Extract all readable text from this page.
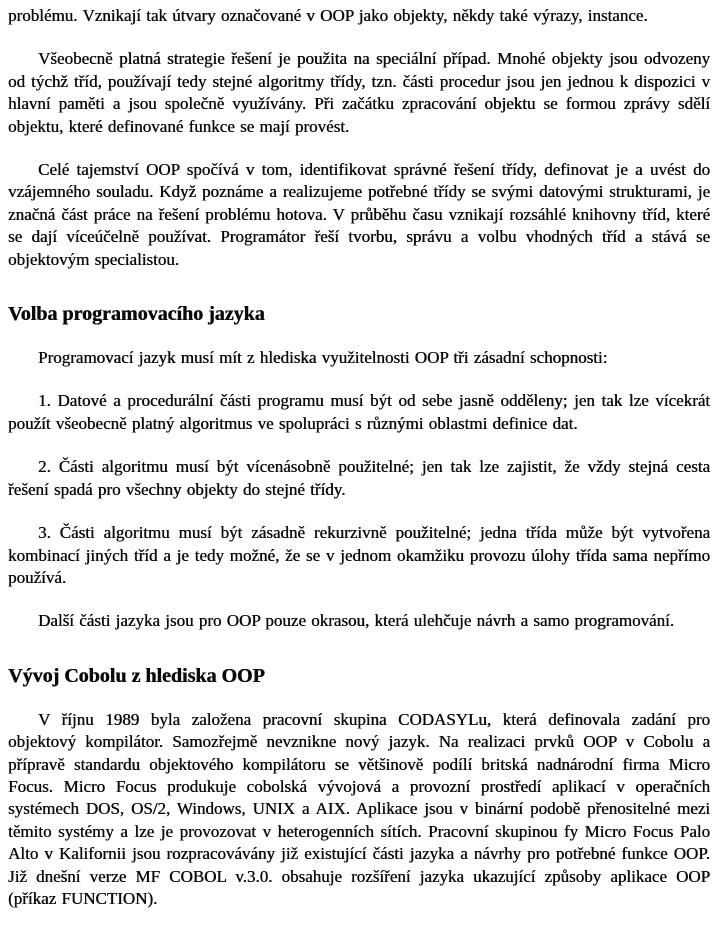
problému. Vznikají tak útvary označované v OOP jako objekty, někdy také výrazy, instance.

Všeobecně platná strategie řešení je použita na speciální případ. Mnohé objekty jsou odvozeny od týchž tříd, používají tedy stejné algoritmy třídy, tzn. části procedur jsou jen jednou k dispozici v hlavní paměti a jsou společně využívány. Při začátku zpracování objektu se formou zprávy sdělí objektu, které definované funkce se mají provést.

Celé tajemství OOP spočívá v tom, identifikovat správné řešení třídy, definovat je a uvést do vzájemného souladu. Když poznáme a realizujeme potřebné třídy se svými datovými strukturami, je značná část práce na řešení problému hotova. V průběhu času vznikají rozsáhlé knihovny tříd, které se dají víceúčelně používat. Programátor řeší tvorbu, správu a volbu vhodných tříd a stává se objektovým specialistou.

Volba programovacího jazyka

Programovací jazyk musí mít z hlediska využitelnosti OOP tři zásadní schopnosti:

1. Datové a procedurální části programu musí být od sebe jasně odděleny; jen tak lze vícekrát použít všeobecně platný algoritmus ve spolupráci s různými oblastmi definice dat.

2. Části algoritmu musí být vícenásobně použitelné; jen tak lze zajistit, že vždy stejná cesta řešení spadá pro všechny objekty do stejné třídy.

3. Části algoritmu musí být zásadně rekurzivně použitelné; jedna třída může být vytvořena kombinací jiných tříd a je tedy možné, že se v jednom okamžiku provozu úlohy třída sama nepřímo používá.

Další části jazyka jsou pro OOP pouze okrasou, která ulehčuje návrh a samo programování.

Vývoj Cobolu z hlediska OOP

V říjnu 1989 byla založena pracovní skupina CODASYLu, která definovala zadání pro objektový kompilátor. Samozřejmě nevznikne nový jazyk. Na realizaci prvků OOP v Cobolu a přípravě standardu objektového kompilátoru se většinově podílí britská nadnárodní firma Micro Focus. Micro Focus produkuje cobolská vývojová a provozní prostředí aplikací v operačních systémech DOS, OS/2, Windows, UNIX a AIX. Aplikace jsou v binární podobě přenositelné mezi těmito systémy a lze je provozovat v heterogenních sítích. Pracovní skupinou fy Micro Focus Palo Alto v Kalifornii jsou rozpracovávány již existující části jazyka a návrhy pro potřebné funkce OOP. Již dnešní verze MF COBOL v.3.0. obsahuje rozšíření jazyka ukazující způsoby aplikace OOP (příkaz FUNCTION).
